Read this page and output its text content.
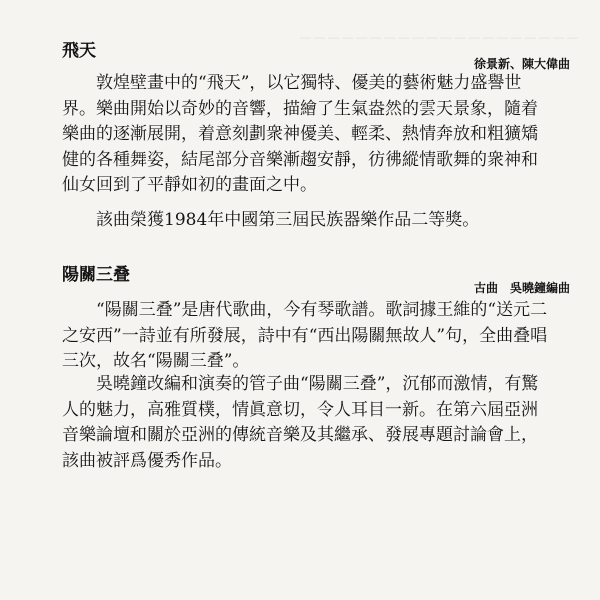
— — — — — — — — — — — — — — — — — — — —
飛天
徐景新、陳大偉曲
敦煌壁畫中的“飛天”，以它獨特、優美的藝術魅力盛譽世界。樂曲開始以奇妙的音響，描繪了生氣盎然的雲天景象，隨着樂曲的逐漸展開，着意刻劃衆神優美、輕柔、熱情奔放和粗獷矯健的各種舞姿，結尾部分音樂漸趨安靜，彷彿縱情歌舞的衆神和仙女回到了平靜如初的畫面之中。
該曲榮獲1984年中國第三屆民族器樂作品二等獎。
陽關三叠
古曲　吳曉鐘編曲
“陽關三叠”是唐代歌曲，今有琴歌譜。歌詞據王維的“送元二之安西”一詩並有所發展，詩中有“西出陽關無故人”句，全曲叠唱三次，故名“陽關三叠”。
吳曉鐘改編和演奏的管子曲“陽關三叠”，沉郁而激情，有驚人的魅力，高雅質樸，情眞意切，令人耳目一新。在第六屆亞洲音樂論壇和關於亞洲的傳統音樂及其繼承、發展專題討論會上，該曲被評爲優秀作品。
